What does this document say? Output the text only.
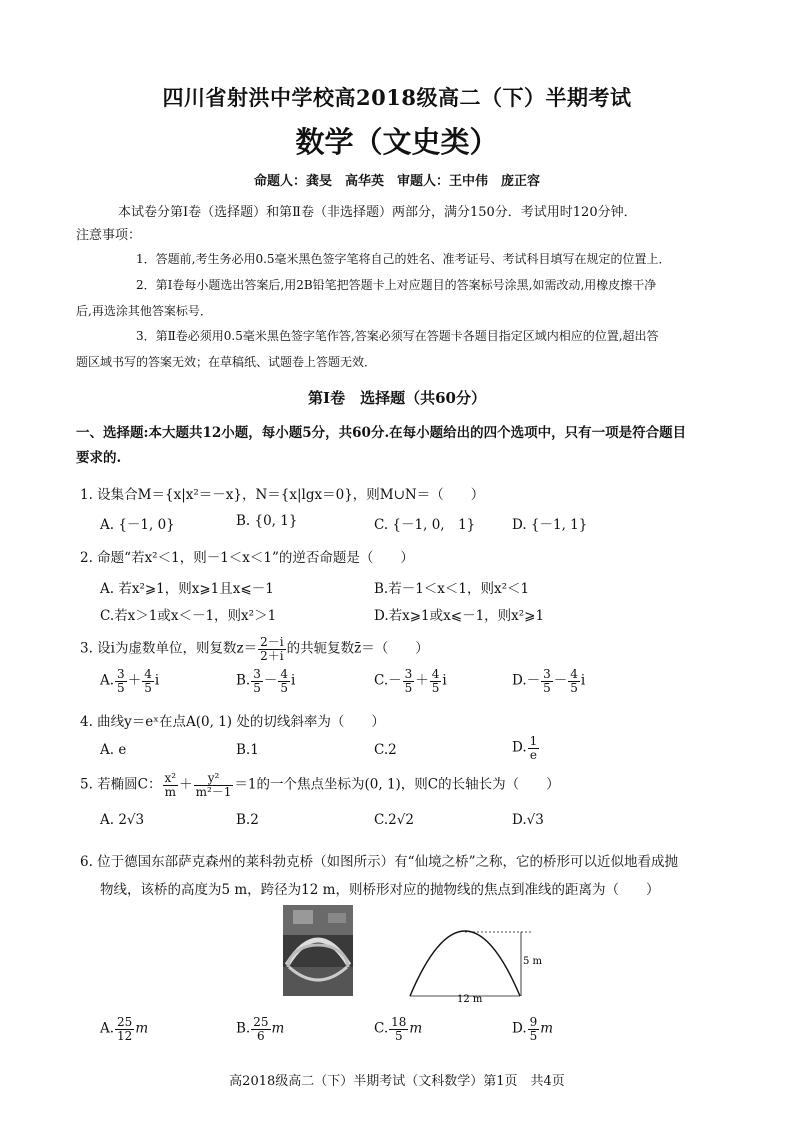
四川省射洪中学校高2018级高二（下）半期考试
数学（文史类）
命题人：龚旻　高华英　审题人：王中伟　庞正容
本试卷分第Ⅰ卷（选择题）和第Ⅱ卷（非选择题）两部分，满分150分．考试用时120分钟．
注意事项：
1．答题前,考生务必用0.5毫米黑色签字笔将自己的姓名、准考证号、考试科目填写在规定的位置上．
2．第Ⅰ卷每小题选出答案后,用2B铅笔把答题卡上对应题目的答案标号涂黑,如需改动,用橡皮擦干净
后,再选涂其他答案标号．
3．第Ⅱ卷必须用0.5毫米黑色签字笔作答,答案必须写在答题卡各题目指定区域内相应的位置,超出答
题区域书写的答案无效；在草稿纸、试题卷上答题无效．
第Ⅰ卷　选择题（共60分）
一、选择题:本大题共12小题，每小题5分，共60分.在每小题给出的四个选项中，只有一项是符合题目
要求的.
1. 设集合M＝{x|x²＝－x}，N＝{x|lgx＝0}，则M∪N＝（　　）
A. {－1, 0}	B. {0, 1}	C. {－1, 0,　1}	D. {－1, 1}
2. 命题“若x²＜1，则－1＜x＜1”的逆否命题是（　　）
A. 若x²⩾1，则x⩾1且x⩽－1	B.若－1＜x＜1，则x²＜1
C.若x＞1或x＜－1，则x²＞1	D.若x⩾1或x⩽－1，则x²⩾1
3. 设i为虚数单位，则复数$z= \frac{2-i}{2+i}$ 的共轭复数z̄＝（　　）
A. $\frac{3}{5} + \frac{4}{5}$ i	B. $\frac{3}{5} - \frac{4}{5}$ i	$C.- \frac{3}{5} + \frac{4}{5}$ i	$D.- \frac{3}{5} - \frac{4}{5}$ i
4. 曲线y＝eˣ在点A(0, 1) 处的切线斜率为（　　）
A. e	B.1	C.2	D. $\frac{1}{e}$
5. 若椭圆C： $\frac{\text{x²}}{m} + \frac{\text{y²}}{\text{m²－1}} =1$的一个焦点坐标为(0, 1)，则C的长轴长为（　　）
A. 2√3	B.2	C.2√2	D.√3
6. 位于德国东部萨克森州的莱科勃克桥（如图所示）有“仙境之桥”之称，它的桥形可以近似地看成抛
物线，该桥的高度为5 m，跨径为12 m，则桥形对应的抛物线的焦点到准线的距离为（　　）
5 m
12 m
A. $\frac{25}{12}$ m	B. $\frac{25}{6}$ m	C. $\frac{18}{5}$ m	D. $\frac{9}{5}$ m
高2018级高二（下）半期考试（文科数学）第1页　共4页
